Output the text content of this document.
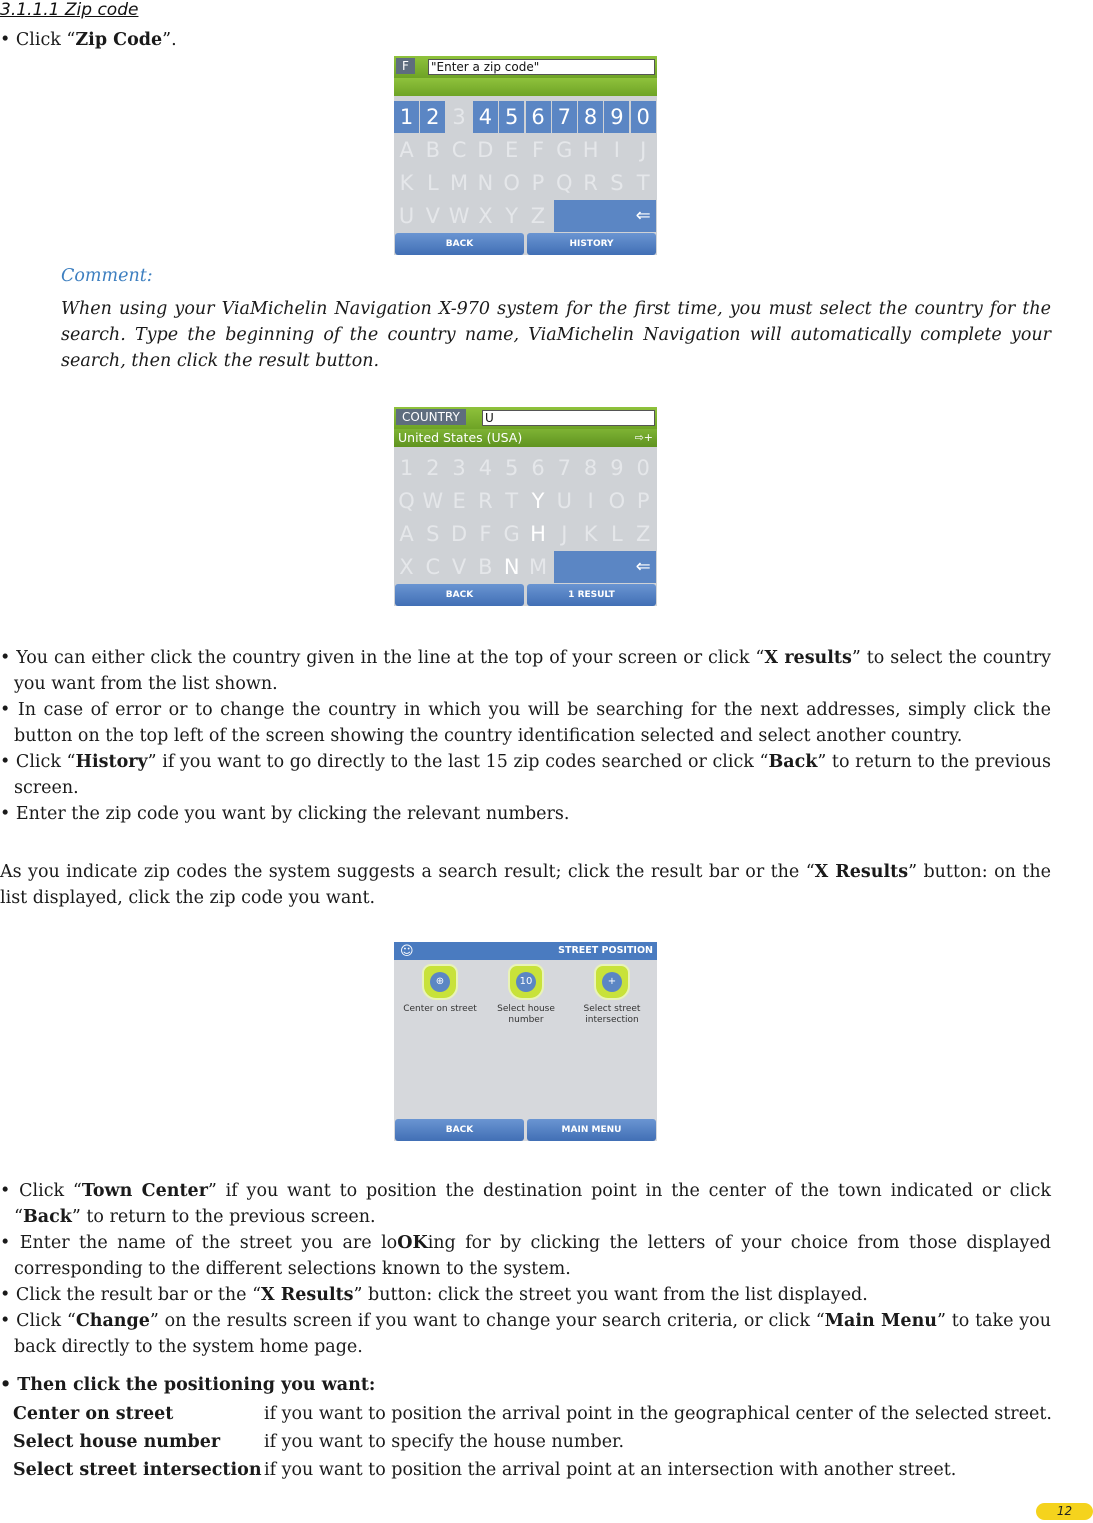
3.1.1.1 Zip code
• Click “Zip Code”.
F	"Enter a zip code"
1 2 3 4 5 6 7 8 9 0
A B C D E F G H I J
K L M N O P Q R S T
U V W X Y Z	⇐
BACK	HISTORY
Comment:
When using your ViaMichelin Navigation X-970 system for the first time, you must select the country for the search. Type the beginning of the country name, ViaMichelin Navigation will automatically complete your search, then click the result button.
COUNTRY	U
United States (USA)	⇨+
1 2 3 4 5 6 7 8 9 0
Q W E R T Y U I O P
A S D F G H J K L Z
X C V B N M	⇐
BACK	1 RESULT
• You can either click the country given in the line at the top of your screen or click “X results” to select the country you want from the list shown.
• In case of error or to change the country in which you will be searching for the next addresses, simply click the button on the top left of the screen showing the country identification selected and select another country.
• Click “History” if you want to go directly to the last 15 zip codes searched or click “Back” to return to the previous screen.
• Enter the zip code you want by clicking the relevant numbers.
As you indicate zip codes the system suggests a search result; click the result bar or the “X Results” button: on the list displayed, click the zip code you want.
☺	STREET POSITION
⊕
Center on street
10
Select house number
+
Select street intersection
BACK	MAIN MENU
• Click “Town Center” if you want to position the destination point in the center of the town indicated or click “Back” to return to the previous screen.
• Enter the name of the street you are loOKing for by clicking the letters of your choice from those displayed corresponding to the different selections known to the system.
• Click the result bar or the “X Results” button: click the street you want from the list displayed.
• Click “Change” on the results screen if you want to change your search criteria, or click “Main Menu” to take you back directly to the system home page.
• Then click the positioning you want:
Center on street	if you want to position the arrival point in the geographical center of the selected street.
Select house number	if you want to specify the house number.
Select street intersection if you want to position the arrival point at an intersection with another street.
12
